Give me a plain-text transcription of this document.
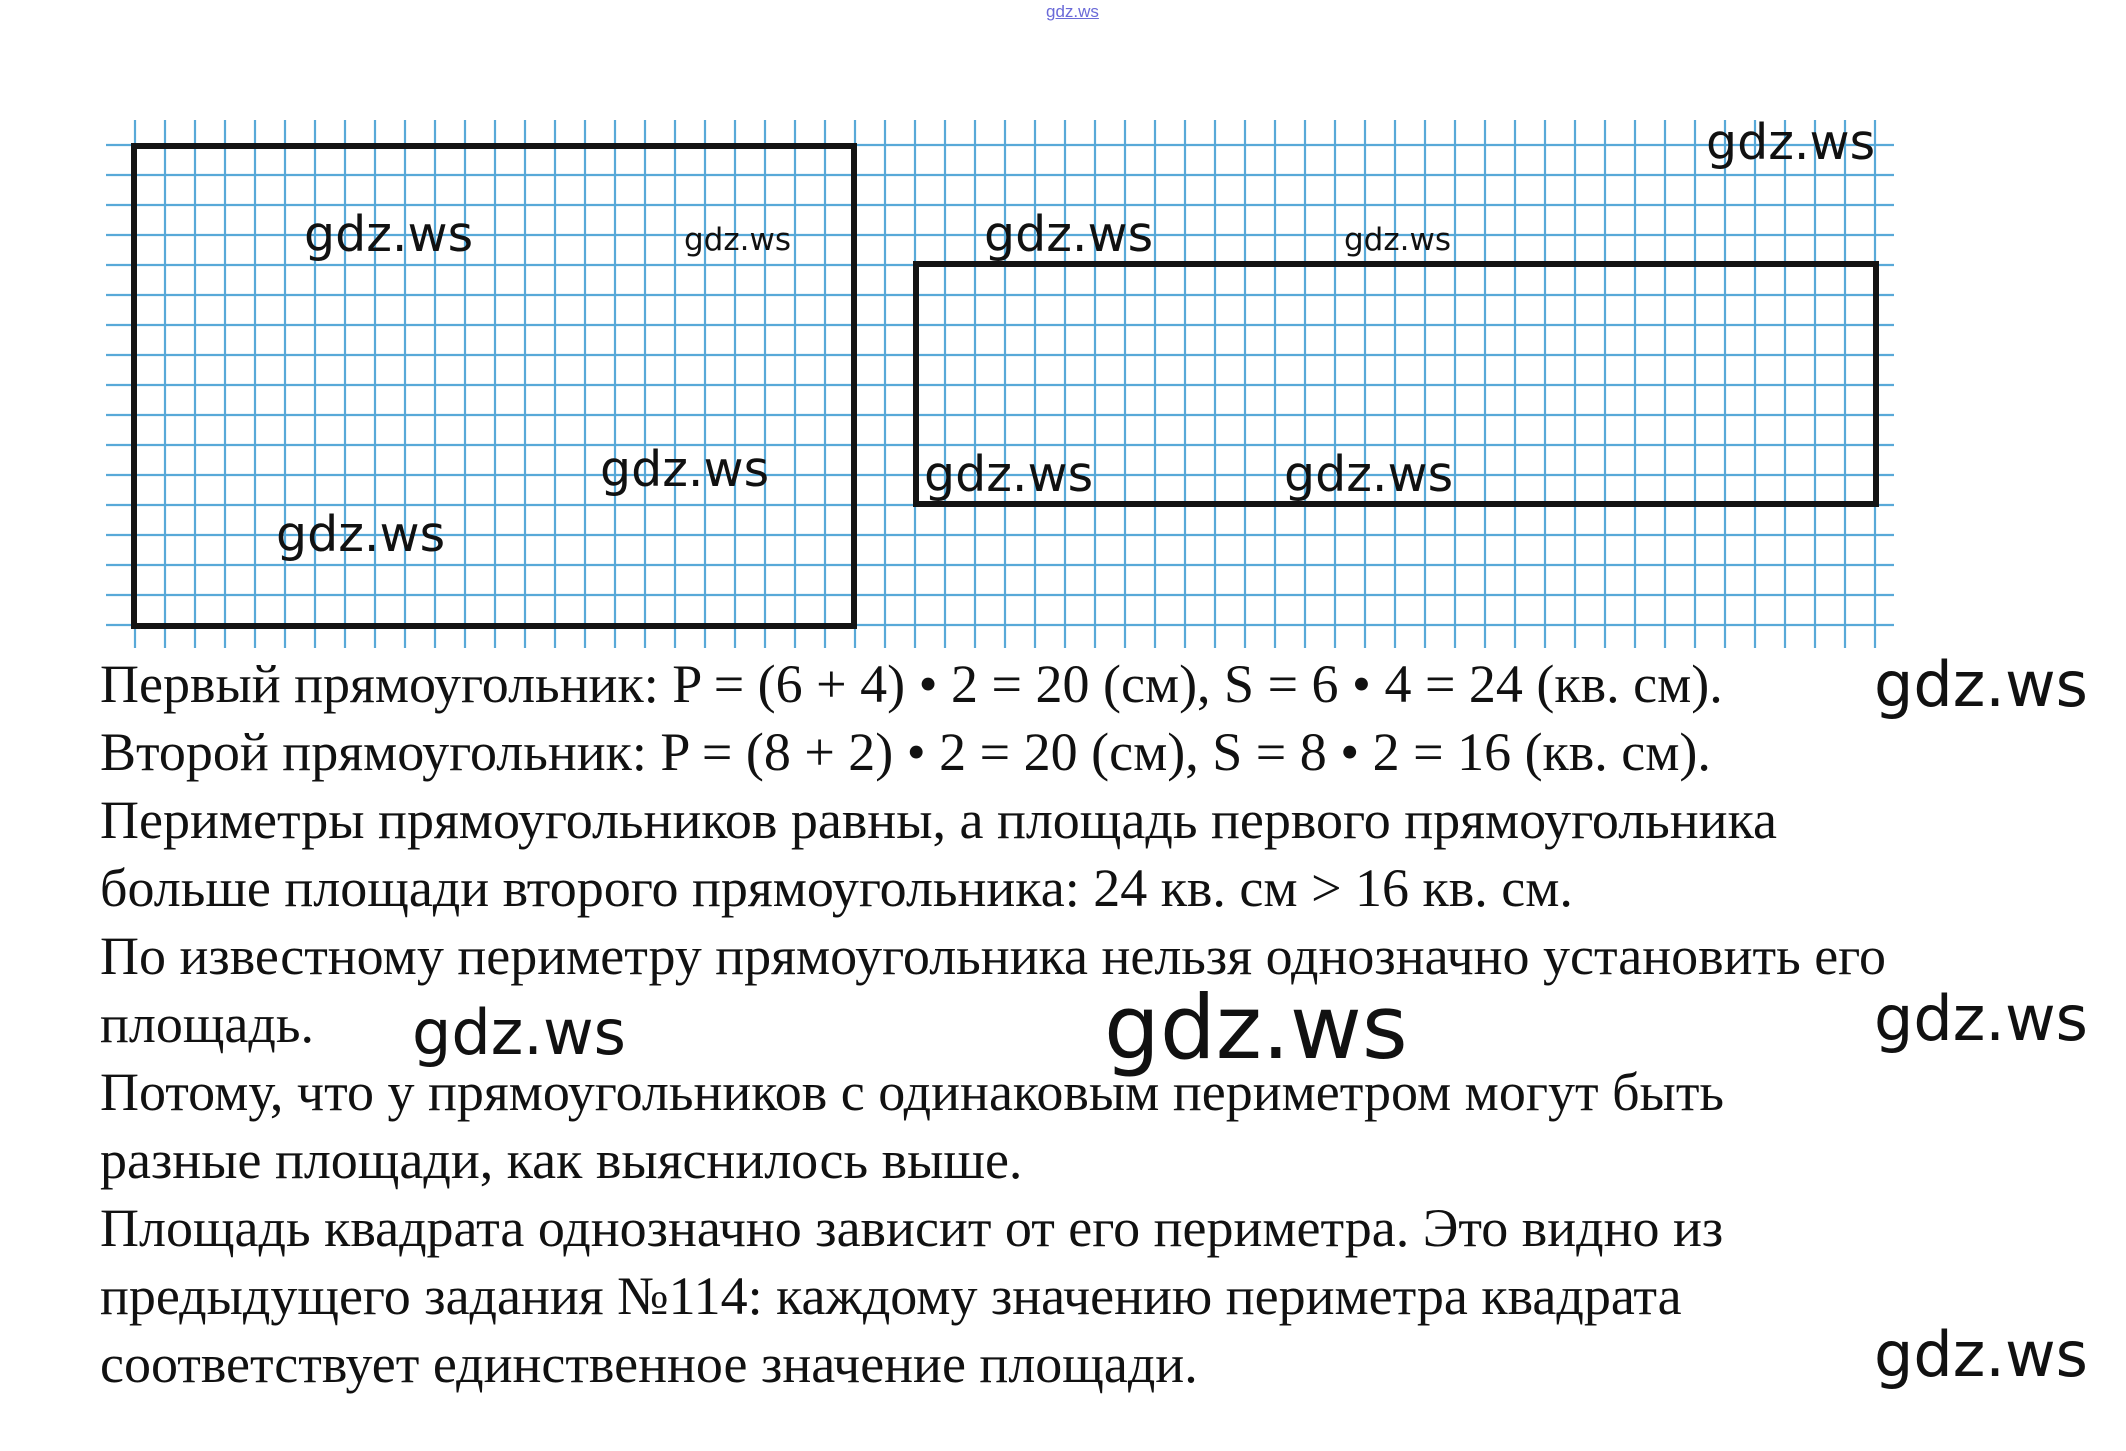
gdz.ws
gdz.ws	gdz.ws	gdz.ws	gdz.ws
gdz.ws
gdz.ws	gdz.ws	gdz.ws
gdz.ws
Первый прямоугольник: P = (6 + 4) • 2 = 20 (см), S = 6 • 4 = 24 (кв. см).
Второй прямоугольник: P = (8 + 2) • 2 = 20 (см), S = 8 • 2 = 16 (кв. см).
Периметры прямоугольников равны, а площадь первого прямоугольника
больше площади второго прямоугольника: 24 кв. см > 16 кв. см.
По известному периметру прямоугольника нельзя однозначно установить его
площадь.
Потому, что у прямоугольников с одинаковым периметром могут быть
разные площади, как выяснилось выше.
Площадь квадрата однозначно зависит от его периметра. Это видно из
предыдущего задания №114: каждому значению периметра квадрата
соответствует единственное значение площади.
gdz.ws
gdz.ws
gdz.ws
gdz.ws
gdz.ws
